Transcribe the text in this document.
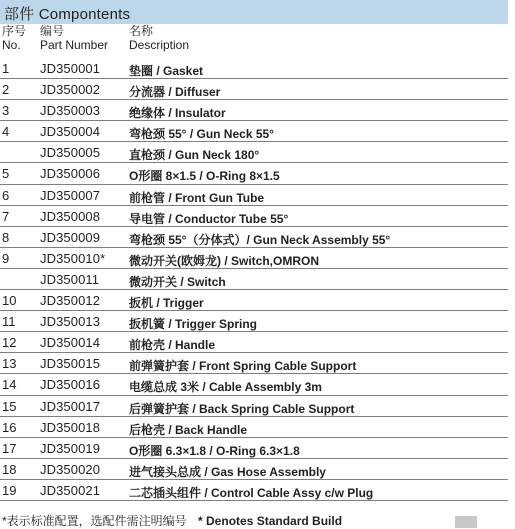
部件 Compontents
序号
No.
编号
Part Number
名称
Description
1 JD350001 垫圈 / Gasket
2 JD350002 分流器 / Diffuser
3 JD350003 绝缘体 / Insulator
4 JD350004 弯枪颈 55° / Gun Neck 55°
JD350005 直枪颈 / Gun Neck 180°
5 JD350006 O形圈 8×1.5 / O-Ring 8×1.5
6 JD350007 前枪管 / Front Gun Tube
7 JD350008 导电管 / Conductor Tube 55°
8 JD350009 弯枪颈 55°（分体式）/ Gun Neck Assembly 55°
9 JD350010* 微动开关(欧姆龙) / Switch,OMRON
JD350011 微动开关 / Switch
10 JD350012 扳机 / Trigger
11 JD350013 扳机簧 / Trigger Spring
12 JD350014 前枪壳 / Handle
13 JD350015 前弹簧护套 / Front Spring Cable Support
14 JD350016 电缆总成 3米 / Cable Assembly 3m
15 JD350017 后弹簧护套 / Back Spring Cable Support
16 JD350018 后枪壳 / Back Handle
17 JD350019 O形圈 6.3×1.8 / O-Ring 6.3×1.8
18 JD350020 进气接头总成 / Gas Hose Assembly
19 JD350021 二芯插头组件 / Control Cable Assy c/w Plug
*表示标准配置，选配件需注明编号 * Denotes Standard Build
